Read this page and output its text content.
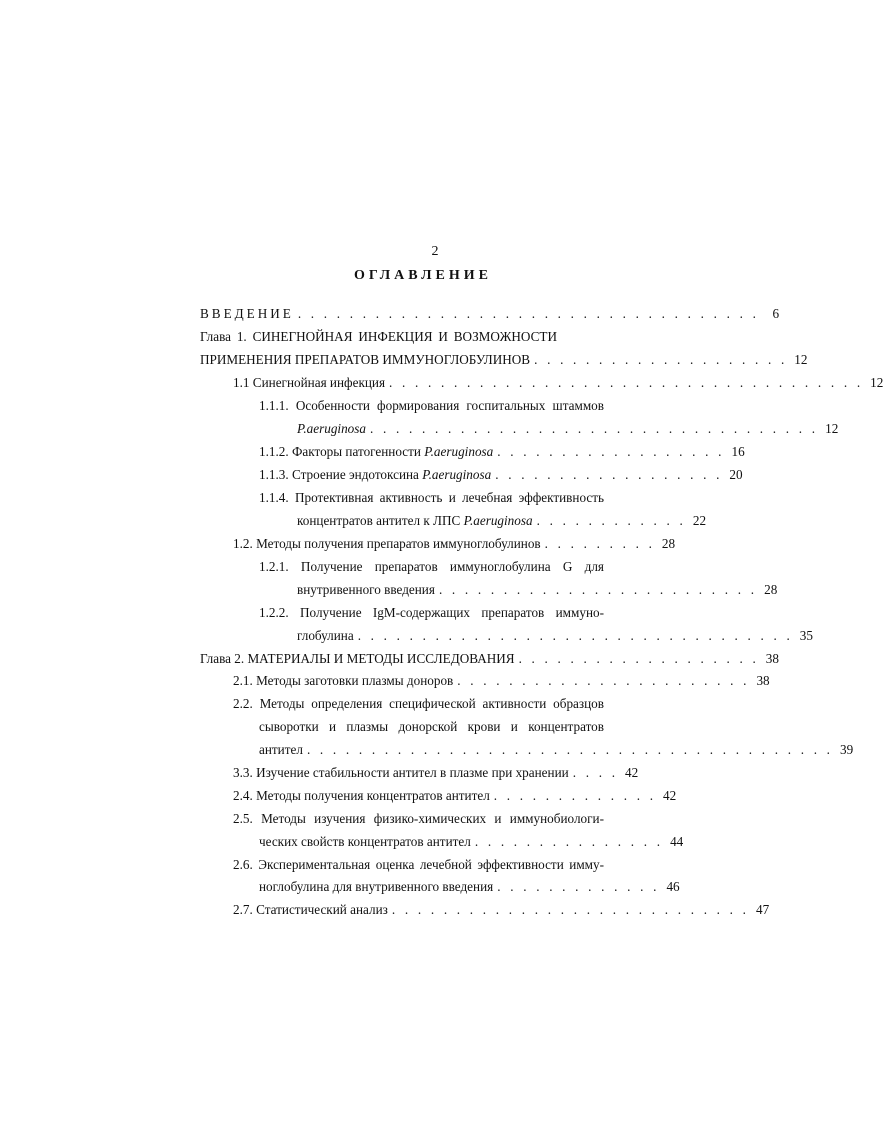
2
ОГЛАВЛЕНИЕ
ВВЕДЕНИЕ . . . . . . . . . . . . . . . . . . . . . . . . . . . . . . . . . . . .	6
Глава 1. СИНЕГНОЙНАЯ ИНФЕКЦИЯ И ВОЗМОЖНОСТИ
ПРИМЕНЕНИЯ ПРЕПАРАТОВ ИММУНОГЛОБУЛИНОВ . . . . . . . . . . . . . . . . . . . . 12
1.1 Синегнойная инфекция . . . . . . . . . . . . . . . . . . . . . . . . . . . . . . . . . . . . . 12
1.1.1. Особенности формирования госпитальных штаммов
P.aeruginosa . . . . . . . . . . . . . . . . . . . . . . . . . . . . . . . . . . . 12
1.1.2. Факторы патогенности P.aeruginosa . . . . . . . . . . . . . . . . . . 16
1.1.3. Строение эндотоксина P.aeruginosa . . . . . . . . . . . . . . . . . . 20
1.1.4. Протективная активность и лечебная эффективность
концентратов антител к ЛПС P.aeruginosa . . . . . . . . . . . . 22
1.2. Методы получения препаратов иммуноглобулинов . . . . . . . . . 28
1.2.1. Получение препаратов иммуноглобулина G для
внутривенного введения . . . . . . . . . . . . . . . . . . . . . . . . . 28
1.2.2. Получение IgM-содержащих препаратов иммуно-
глобулина . . . . . . . . . . . . . . . . . . . . . . . . . . . . . . . . . . 35
Глава 2. МАТЕРИАЛЫ И МЕТОДЫ ИССЛЕДОВАНИЯ . . . . . . . . . . . . . . . . . . . 38
2.1. Методы заготовки плазмы доноров . . . . . . . . . . . . . . . . . . . . . . . 38
2.2. Методы определения специфической активности образцов
сыворотки и плазмы донорской крови и концентратов
антител . . . . . . . . . . . . . . . . . . . . . . . . . . . . . . . . . . . . . . . . . 39
3.3. Изучение стабильности антител в плазме при хранении . . . . 42
2.4. Методы получения концентратов антител . . . . . . . . . . . . . 42
2.5. Методы изучения физико-химических и иммунобиологи-
ческих свойств концентратов антител . . . . . . . . . . . . . . . 44
2.6. Экспериментальная оценка лечебной эффективности имму-
ноглобулина для внутривенного введения . . . . . . . . . . . . . 46
2.7. Статистический анализ . . . . . . . . . . . . . . . . . . . . . . . . . . . . 47
